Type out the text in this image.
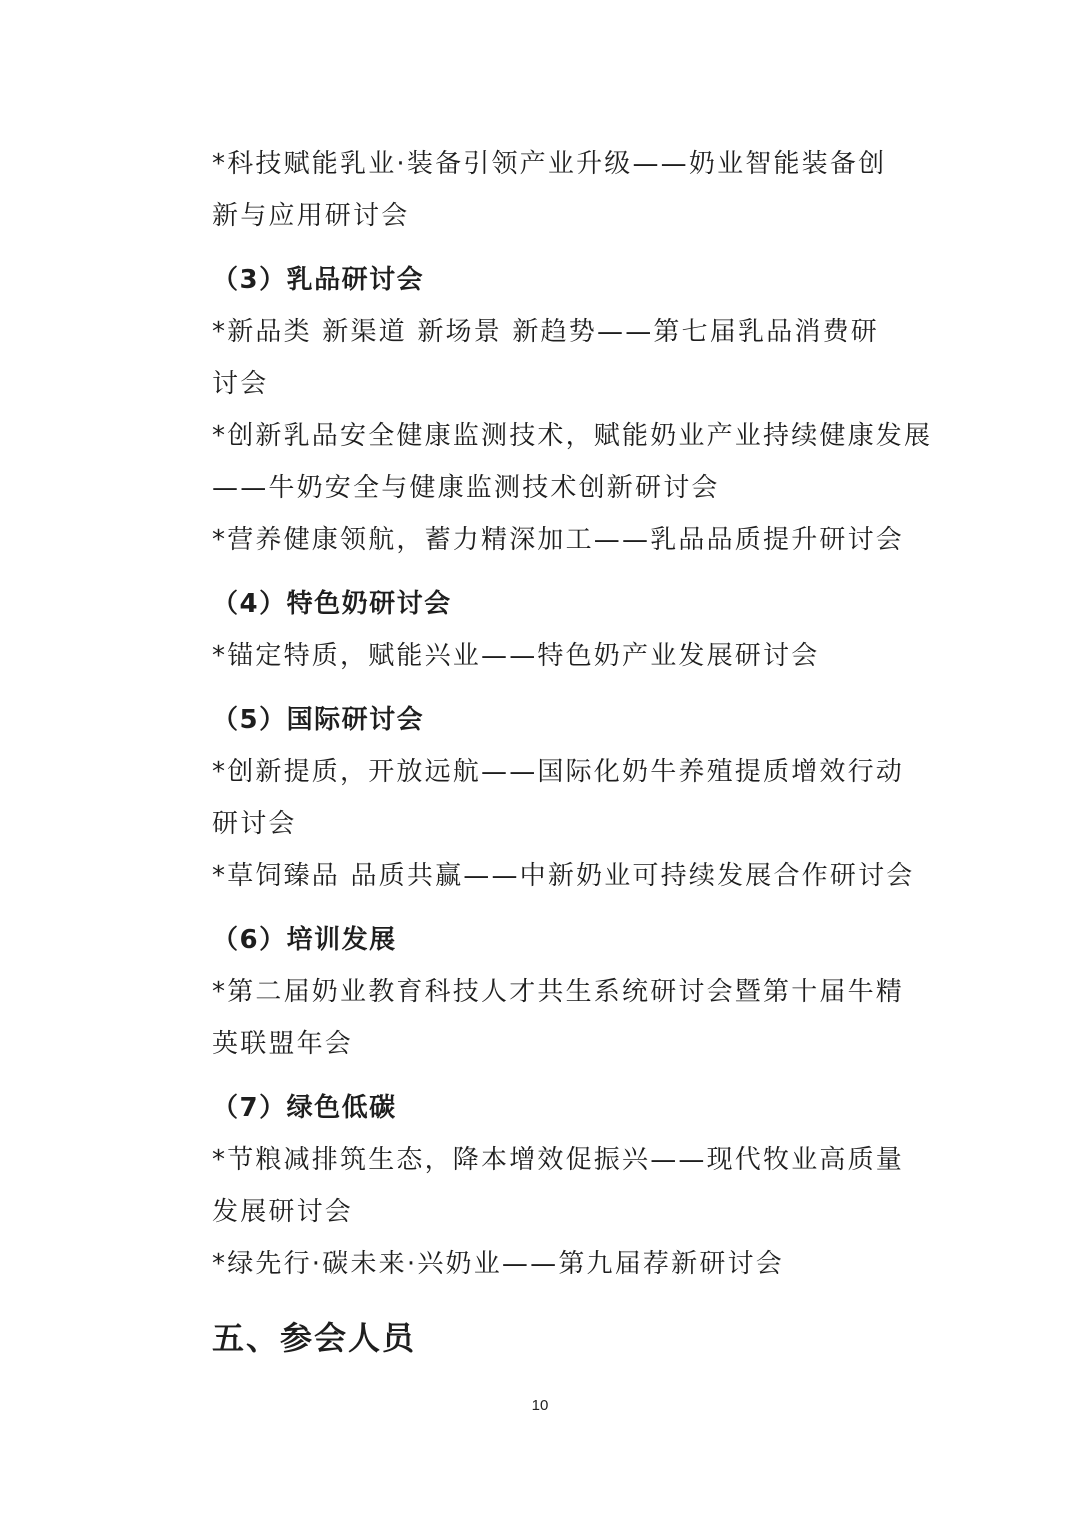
*科技赋能乳业·装备引领产业升级——奶业智能装备创
新与应用研讨会
（3）乳品研讨会
*新品类 新渠道 新场景 新趋势——第七届乳品消费研
讨会
*创新乳品安全健康监测技术，赋能奶业产业持续健康发展
——牛奶安全与健康监测技术创新研讨会
*营养健康领航，蓄力精深加工——乳品品质提升研讨会
（4）特色奶研讨会
*锚定特质，赋能兴业——特色奶产业发展研讨会
（5）国际研讨会
*创新提质，开放远航——国际化奶牛养殖提质增效行动
研讨会
*草饲臻品 品质共赢——中新奶业可持续发展合作研讨会
（6）培训发展
*第二届奶业教育科技人才共生系统研讨会暨第十届牛精
英联盟年会
（7）绿色低碳
*节粮减排筑生态，降本增效促振兴——现代牧业高质量
发展研讨会
*绿先行·碳未来·兴奶业——第九届荐新研讨会
五、参会人员
10
